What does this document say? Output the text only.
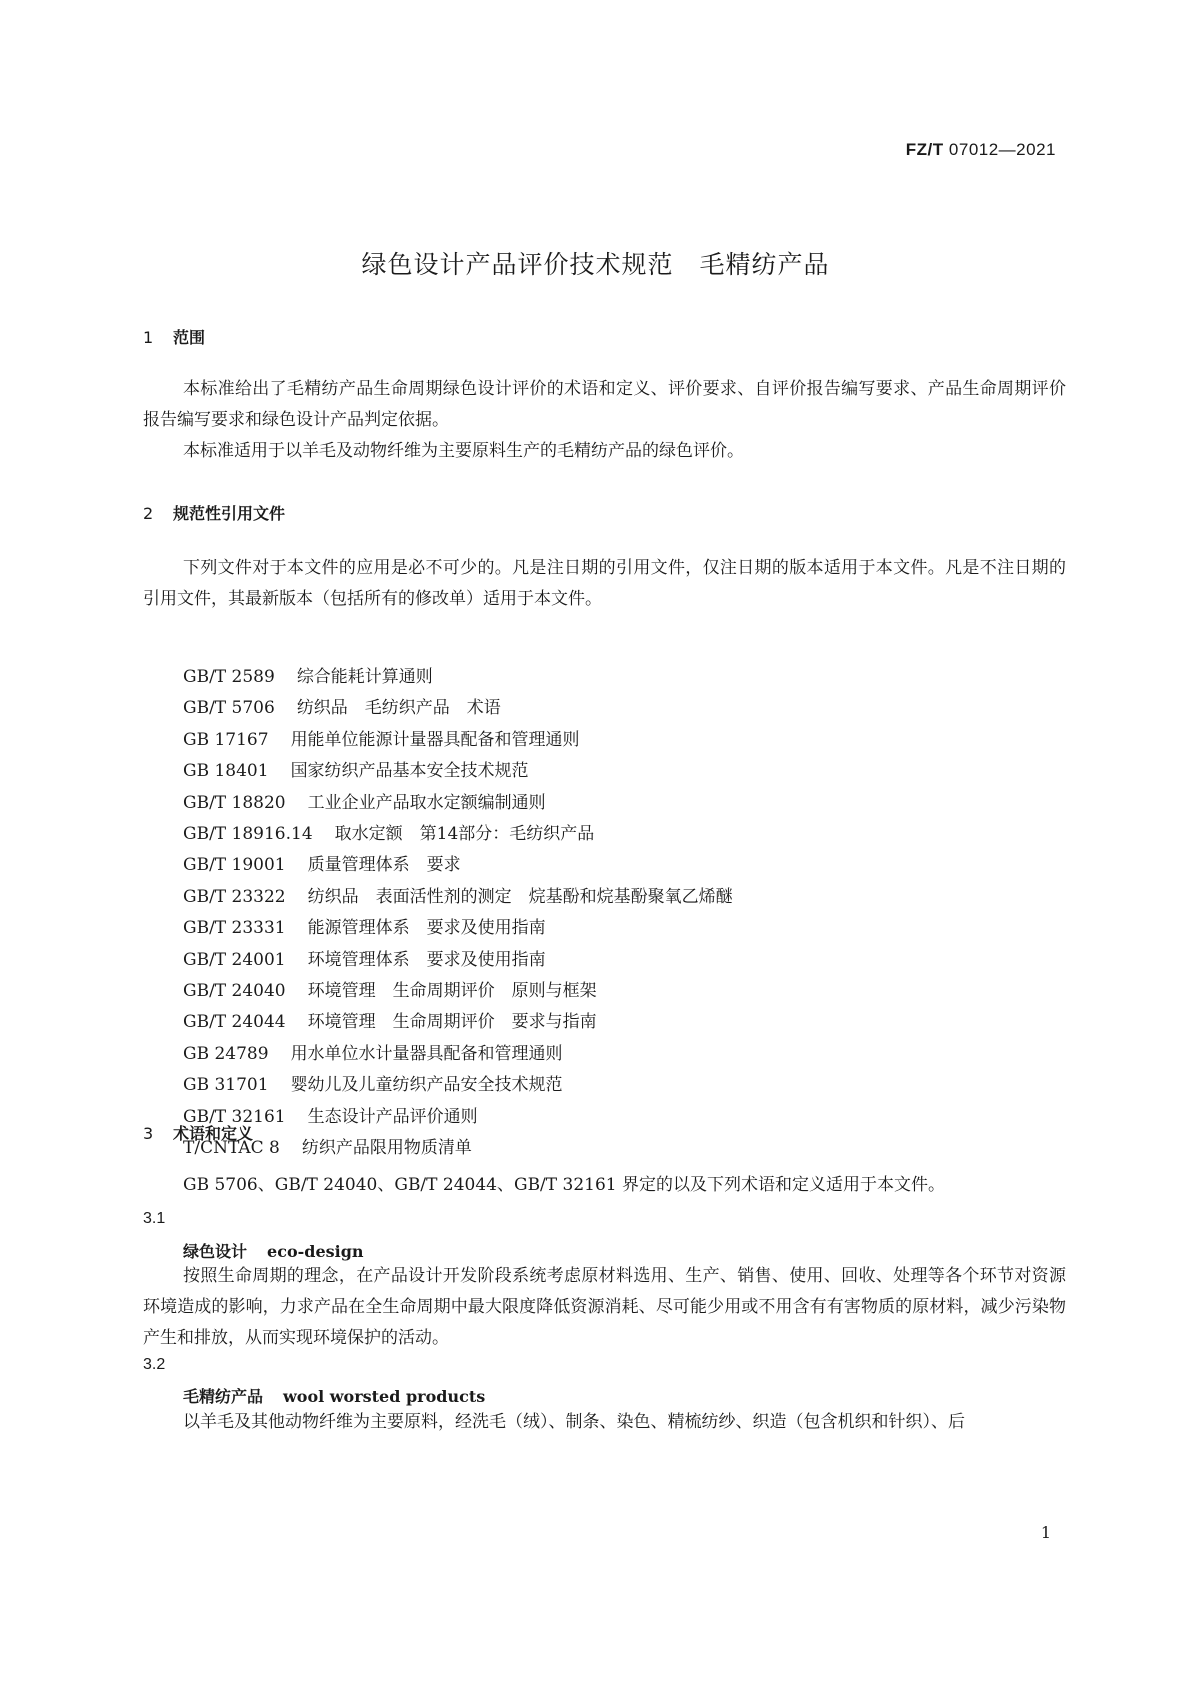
FZ/T 07012—2021
绿色设计产品评价技术规范　毛精纺产品
1 范围
本标准给出了毛精纺产品生命周期绿色设计评价的术语和定义、评价要求、自评价报告编写要求、产品生命周期评价报告编写要求和绿色设计产品判定依据。
本标准适用于以羊毛及动物纤维为主要原料生产的毛精纺产品的绿色评价。
2 规范性引用文件
下列文件对于本文件的应用是必不可少的。凡是注日期的引用文件，仅注日期的版本适用于本文件。凡是不注日期的引用文件，其最新版本（包括所有的修改单）适用于本文件。
GB/T 2589 综合能耗计算通则
GB/T 5706 纺织品　毛纺织产品　术语
GB 17167 用能单位能源计量器具配备和管理通则
GB 18401 国家纺织产品基本安全技术规范
GB/T 18820 工业企业产品取水定额编制通则
GB/T 18916.14 取水定额　第14部分：毛纺织产品
GB/T 19001 质量管理体系　要求
GB/T 23322 纺织品　表面活性剂的测定　烷基酚和烷基酚聚氧乙烯醚
GB/T 23331 能源管理体系　要求及使用指南
GB/T 24001 环境管理体系　要求及使用指南
GB/T 24040 环境管理　生命周期评价　原则与框架
GB/T 24044 环境管理　生命周期评价　要求与指南
GB 24789 用水单位水计量器具配备和管理通则
GB 31701 婴幼儿及儿童纺织产品安全技术规范
GB/T 32161 生态设计产品评价通则
T/CNTAC 8 纺织产品限用物质清单
3 术语和定义
GB 5706、GB/T 24040、GB/T 24044、GB/T 32161 界定的以及下列术语和定义适用于本文件。
3.1
绿色设计 eco-design
按照生命周期的理念，在产品设计开发阶段系统考虑原材料选用、生产、销售、使用、回收、处理等各个环节对资源环境造成的影响，力求产品在全生命周期中最大限度降低资源消耗、尽可能少用或不用含有有害物质的原材料，减少污染物产生和排放，从而实现环境保护的活动。
3.2
毛精纺产品 wool worsted products
以羊毛及其他动物纤维为主要原料，经洗毛（绒）、制条、染色、精梳纺纱、织造（包含机织和针织）、后
1
